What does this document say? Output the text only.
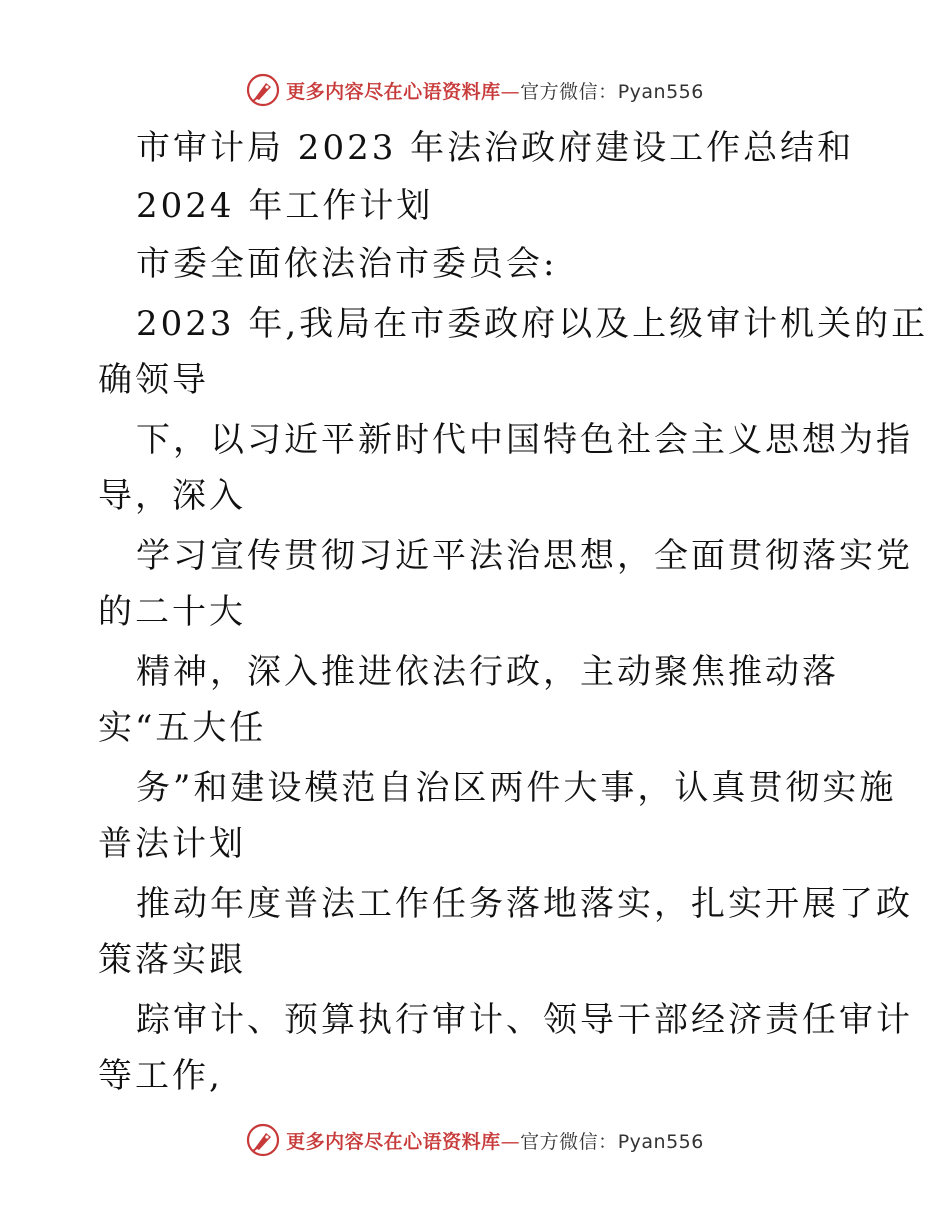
更多内容尽在心语资料库—官方微信：Pyan556
市审计局 2023 年法治政府建设工作总结和
2024 年工作计划
市委全面依法治市委员会:
2023 年,我局在市委政府以及上级审计机关的正
确领导
下，以习近平新时代中国特色社会主义思想为指
导，深入
学习宣传贯彻习近平法治思想，全面贯彻落实党
的二十大
精神，深入推进依法行政，主动聚焦推动落
实“五大任
务”和建设模范自治区两件大事，认真贯彻实施
普法计划
推动年度普法工作任务落地落实，扎实开展了政
策落实跟
踪审计、预算执行审计、领导干部经济责任审计
等工作,
更多内容尽在心语资料库—官方微信：Pyan556
